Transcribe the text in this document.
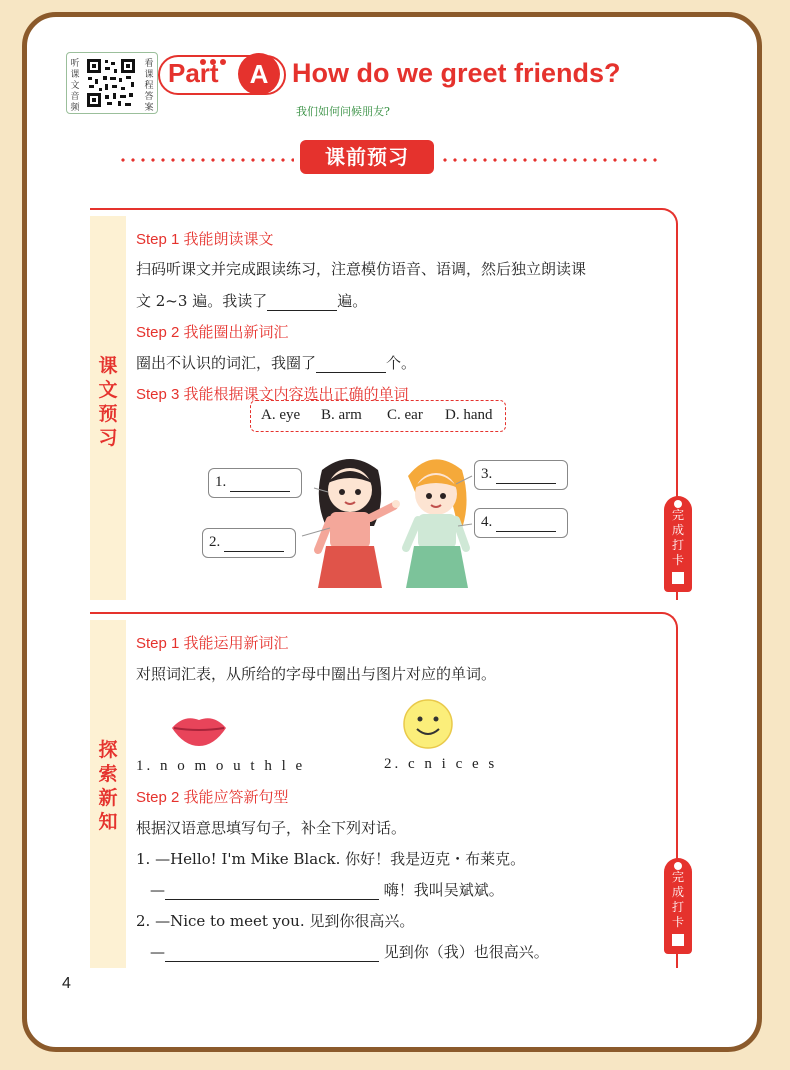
听课文音频
看课程答案
Part	A How do we greet friends?
我们如何问候朋友?
课前预习
课
文
预
习
Step 1 我能朗读课文
扫码听课文并完成跟读练习，注意模仿语音、语调，然后独立朗读课
文 2~3 遍。我读了	遍。
Step 2 我能圈出新词汇
圈出不认识的词汇，我圈了	个。
Step 3 我能根据课文内容选出正确的单词
A. eye B. arm C. ear D. hand
1.
2.
3.
4.	完
成
打
卡
探
索
新
知
Step 1 我能运用新词汇
对照词汇表，从所给的字母中圈出与图片对应的单词。
1. n o m o u t h l e	2. c n i c e s
Step 2 我能应答新句型
根据汉语意思填写句子，补全下列对话。
1. —Hello! I'm Mike Black. 你好！我是迈克・布莱克。
—	嗨！我叫吴斌斌。
2. —Nice to meet you. 见到你很高兴。
—	见到你（我）也很高兴。
完
成
打
卡
4
